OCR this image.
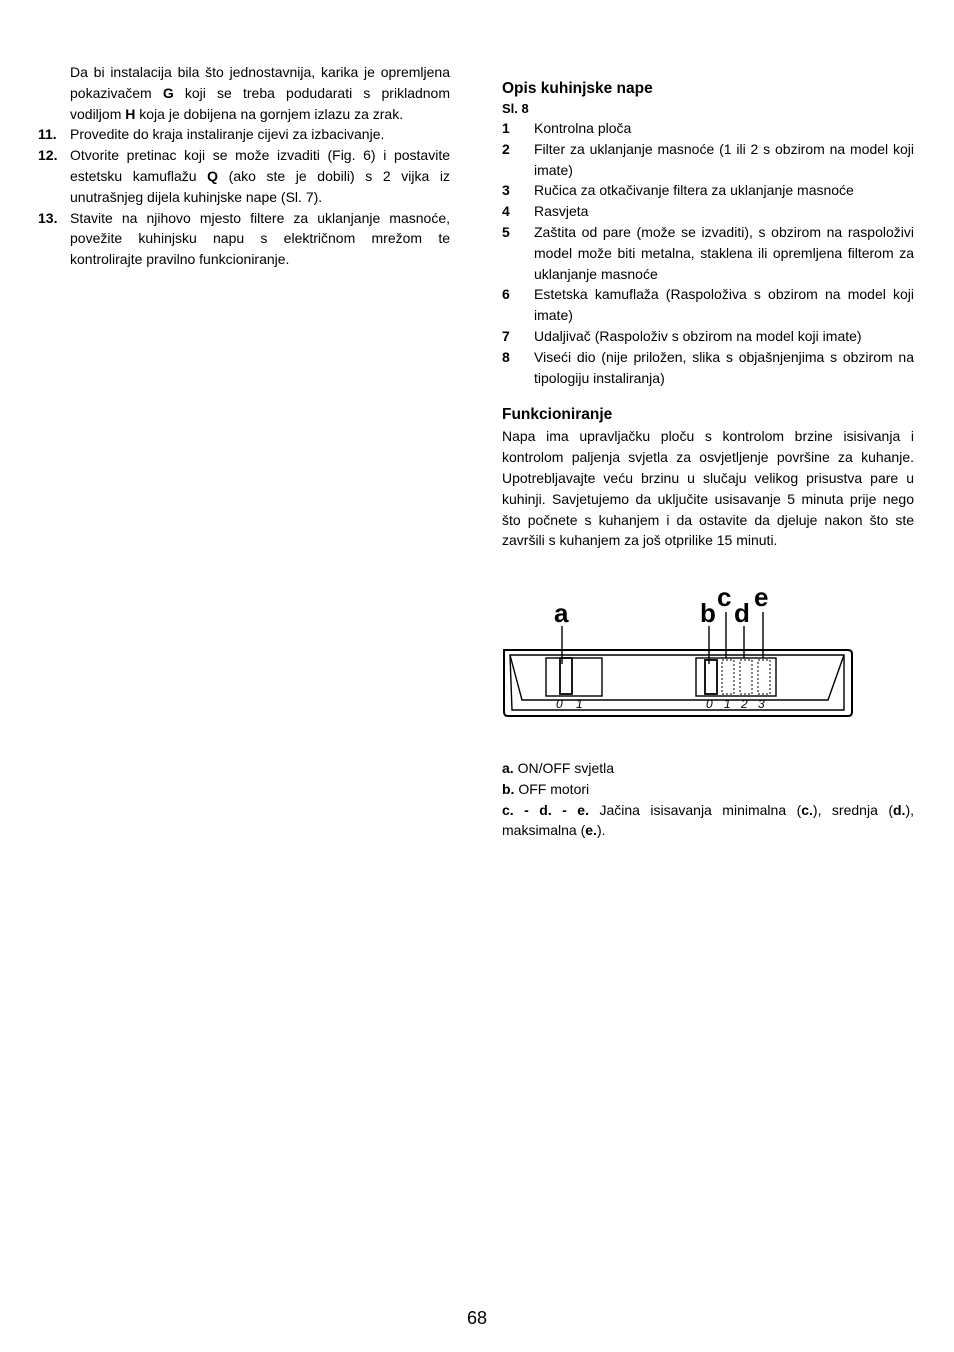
Da bi instalacija bila što jednostavnija, karika je opremljena pokazivačem G koji se treba podudarati s prikladnom vodiljom H koja je dobijena na gornjem izlazu za zrak.

11. Provedite do kraja instaliranje cijevi za izbacivanje.
12. Otvorite pretinac koji se može izvaditi (Fig. 6) i postavite estetsku kamuflažu Q (ako ste je dobili) s 2 vijka iz unutrašnjeg dijela kuhinjske nape (Sl. 7).
13. Stavite na njihovo mjesto filtere za uklanjanje masnoće, povežite kuhinjsku napu s električnom mrežom te kontrolirajte pravilno funkcioniranje.
Opis kuhinjske nape
Sl. 8
1	Kontrolna ploča
2	Filter za uklanjanje masnoće (1 ili 2 s obzirom na model koji imate)
3	Ručica za otkačivanje filtera za uklanjanje masnoće
4	Rasvjeta
5	Zaštita od pare (može se izvaditi), s obzirom na raspoloživi model može biti metalna, staklena ili opremljena filterom za uklanjanje masnoće
6	Estetska kamuflaža (Raspoloživa s obzirom na model koji imate)
7	Udaljivač (Raspoloživ s obzirom na model koji imate)
8	Viseći dio (nije priložen, slika s objašnjenjima s obzirom na tipologiju instaliranja)
Funkcioniranje

Napa ima upravljačku ploču s kontrolom brzine isisivanja i kontrolom paljenja svjetla za osvjetljenje površine za kuhanje. Upotrebljavajte veću brzinu u slučaju velikog prisustva pare u kuhinji. Savjetujemo da uključite usisavanje 5 minuta prije nego što počnete s kuhanjem i da ostavite da djeluje nakon što ste završili s kuhanjem za još otprilike 15 minuti.

a	b
c
d
e
0 1	0 1 2 3

a. ON/OFF svjetla

b. OFF motori

c. - d. - e. Jačina isisavanja minimalna (c.), srednja (d.), maksimalna (e.).

68
